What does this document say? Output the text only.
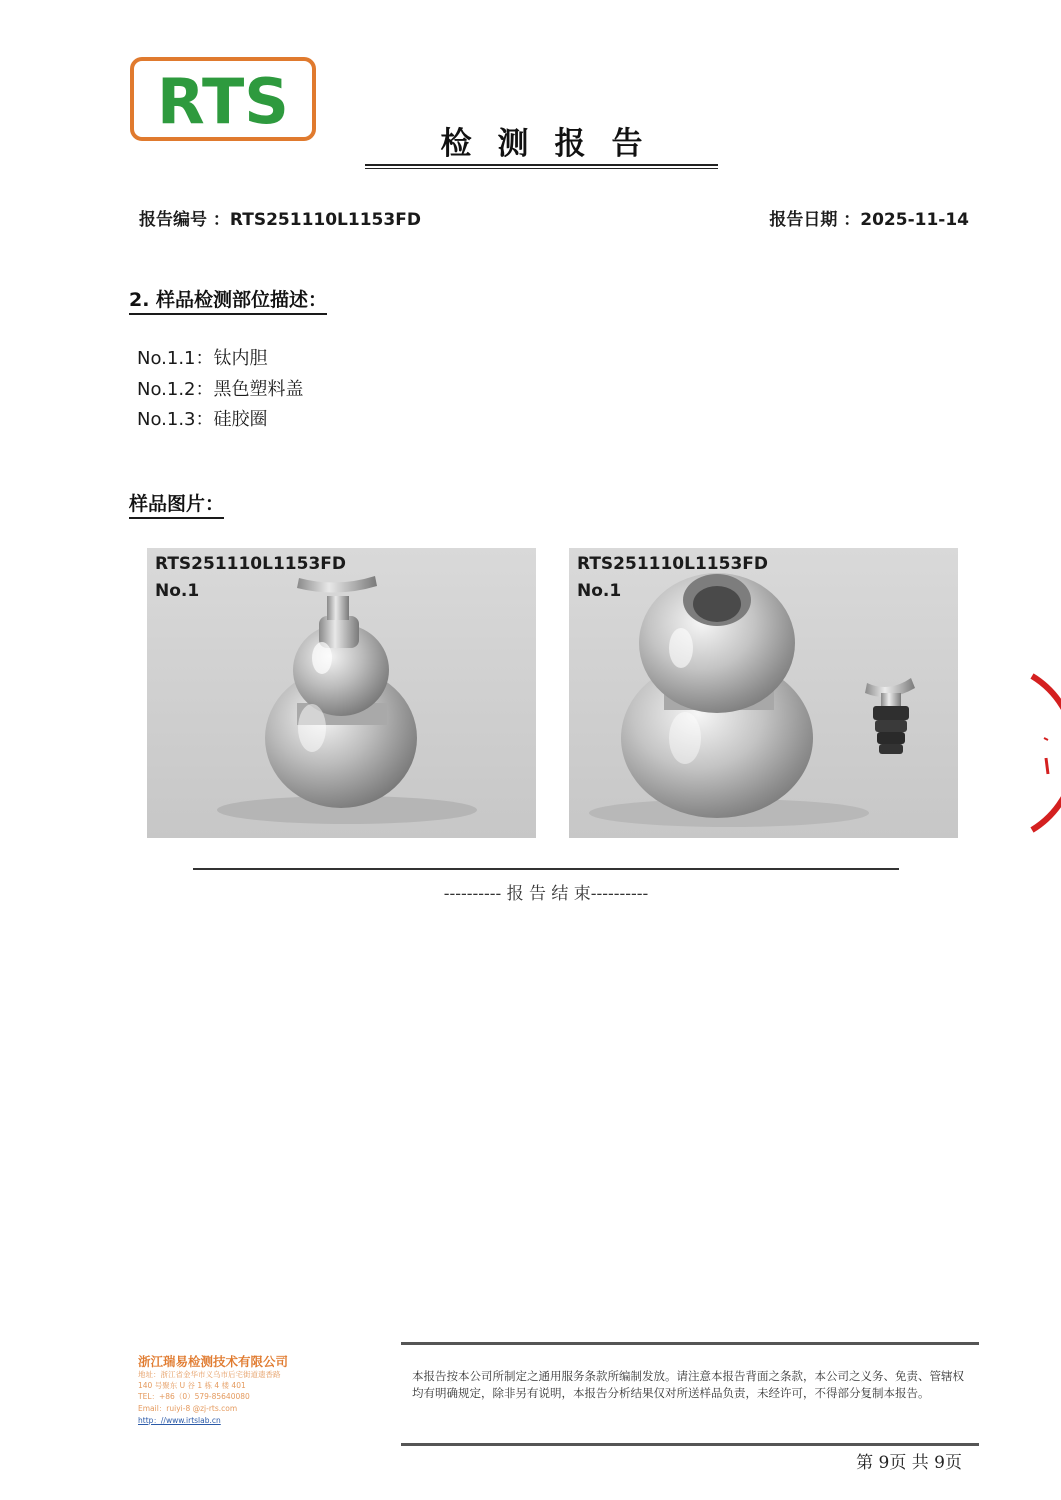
RTS
检测报告
报告编号 ：RTS251110L1153FD	报告日期 ：2025-11-14
2. 样品检测部位描述：
No.1.1：钛内胆
No.1.2：黑色塑料盖
No.1.3：硅胶圈
样品图片：
RTS251110L1153FD
No.1
RTS251110L1153FD
No.1
---------- 报 告 结 束----------
浙江瑞易检测技术有限公司
地址：浙江省金华市义乌市后宅街道遗香路
140 号聚东 U 谷 1 栋 4 楼 401
TEL：+86（0）579-85640080
Email：ruiyi-8 @zj-rts.com
http：//www.irtslab.cn
本报告按本公司所制定之通用服务条款所编制发放。请注意本报告背面之条款，本公司之义务、免责、管辖权均有明确规定，除非另有说明，本报告分析结果仅对所送样品负责，未经许可，不得部分复制本报告。
第 9页 共 9页
